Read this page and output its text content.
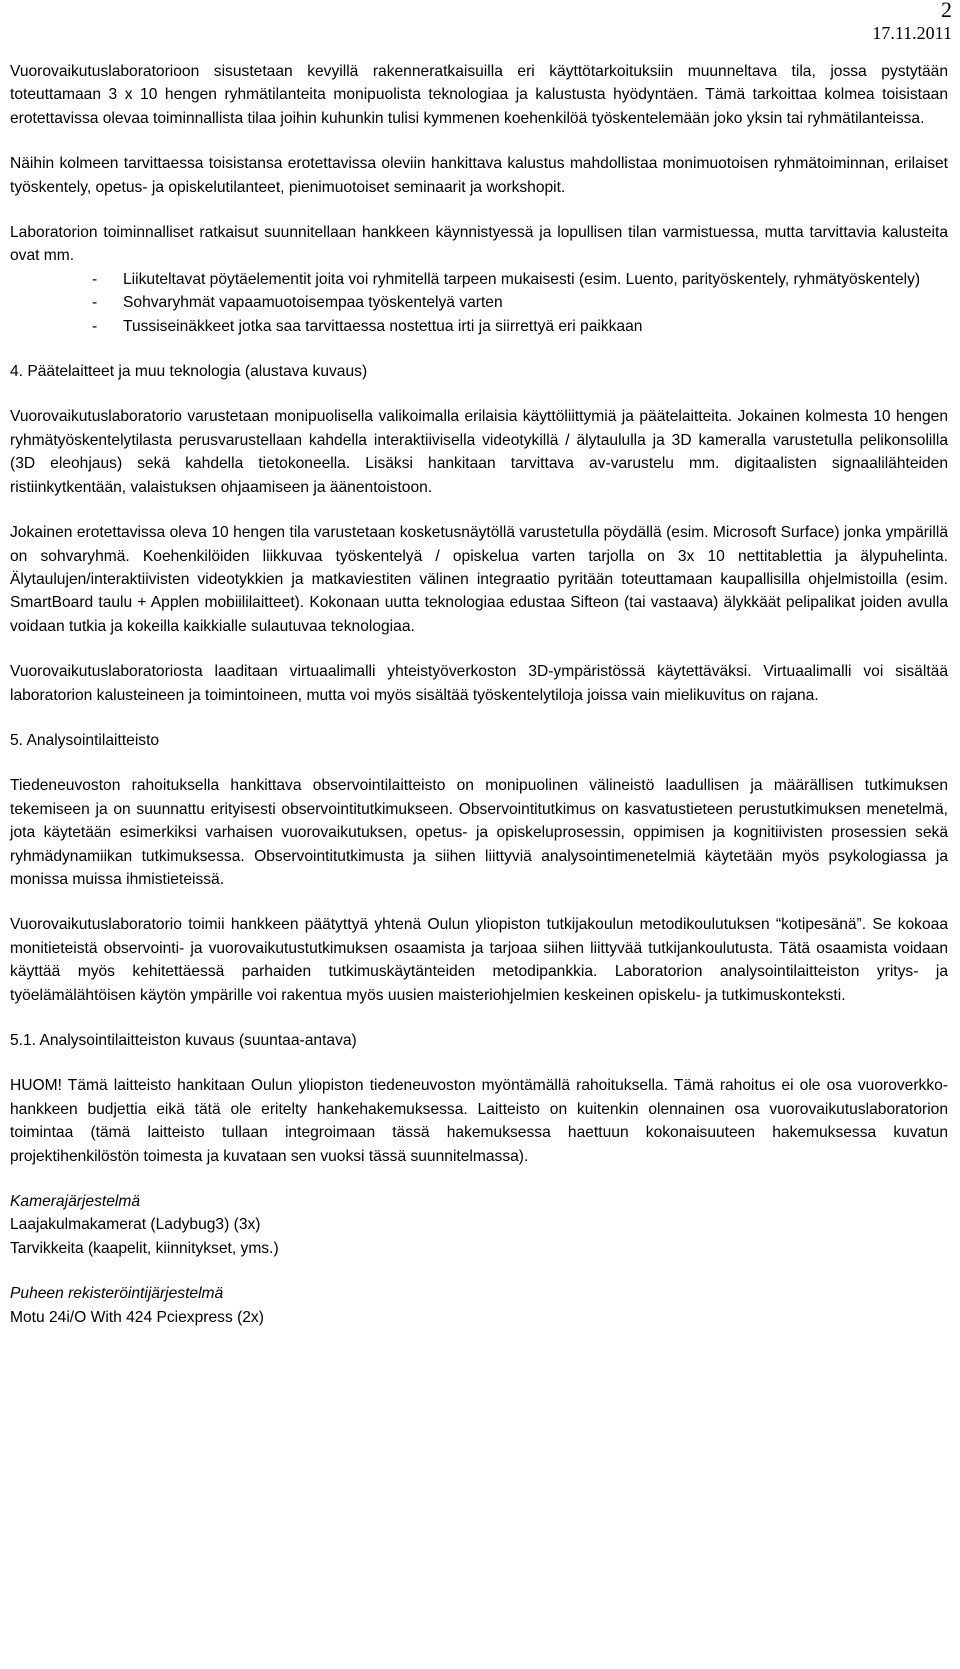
2
17.11.2011

Vuorovaikutuslaboratorioon sisustetaan kevyillä rakenneratkaisuilla eri käyttötarkoituksiin muunneltava tila, jossa pystytään toteuttamaan 3 x 10 hengen ryhmätilanteita monipuolista teknologiaa ja kalustusta hyödyntäen. Tämä tarkoittaa kolmea toisistaan erotettavissa olevaa toiminnallista tilaa joihin kuhunkin tulisi kymmenen koehenkilöä työskentelemään joko yksin tai ryhmätilanteissa.

Näihin kolmeen tarvittaessa toisistansa erotettavissa oleviin hankittava kalustus mahdollistaa monimuotoisen ryhmätoiminnan, erilaiset työskentely, opetus- ja opiskelutilanteet, pienimuotoiset seminaarit ja workshopit.

Laboratorion toiminnalliset ratkaisut suunnitellaan hankkeen käynnistyessä ja lopullisen tilan varmistuessa, mutta tarvittavia kalusteita ovat mm.

- Liikuteltavat pöytäelementit joita voi ryhmitellä tarpeen mukaisesti (esim. Luento, parityöskentely, ryhmätyöskentely)
- Sohvaryhmät vapaamuotoisempaa työskentelyä varten
- Tussiseinäkkeet jotka saa tarvittaessa nostettua irti ja siirrettyä eri paikkaan

4. Päätelaitteet ja muu teknologia (alustava kuvaus)

Vuorovaikutuslaboratorio varustetaan monipuolisella valikoimalla erilaisia käyttöliittymiä ja päätelaitteita. Jokainen kolmesta 10 hengen ryhmätyöskentelytilasta perusvarustellaan kahdella interaktiivisella videotykillä / älytaululla ja 3D kameralla varustetulla pelikonsolilla (3D eleohjaus) sekä kahdella tietokoneella. Lisäksi hankitaan tarvittava av-varustelu mm. digitaalisten signaalilähteiden ristiinkytkentään, valaistuksen ohjaamiseen ja äänentoistoon.

Jokainen erotettavissa oleva 10 hengen tila varustetaan kosketusnäytöllä varustetulla pöydällä (esim. Microsoft Surface) jonka ympärillä on sohvaryhmä. Koehenkilöiden liikkuvaa työskentelyä / opiskelua varten tarjolla on 3x 10 nettitablettia ja älypuhelinta. Älytaulujen/interaktiivisten videotykkien ja matkaviestiten välinen integraatio pyritään toteuttamaan kaupallisilla ohjelmistoilla (esim. SmartBoard taulu + Applen mobiililaitteet). Kokonaan uutta teknologiaa edustaa Sifteon (tai vastaava) älykkäät pelipalikat joiden avulla voidaan tutkia ja kokeilla kaikkialle sulautuvaa teknologiaa.

Vuorovaikutuslaboratoriosta laaditaan virtuaalimalli yhteistyöverkoston 3D-ympäristössä käytettäväksi. Virtuaalimalli voi sisältää laboratorion kalusteineen ja toimintoineen, mutta voi myös sisältää työskentelytiloja joissa vain mielikuvitus on rajana.

5. Analysointilaitteisto

Tiedeneuvoston rahoituksella hankittava observointilaitteisto on monipuolinen välineistö laadullisen ja määrällisen tutkimuksen tekemiseen ja on suunnattu erityisesti observointitutkimukseen. Observointitutkimus on kasvatustieteen perustutkimuksen menetelmä, jota käytetään esimerkiksi varhaisen vuorovaikutuksen, opetus- ja opiskeluprosessin, oppimisen ja kognitiivisten prosessien sekä ryhmädynamiikan tutkimuksessa. Observointitutkimusta ja siihen liittyviä analysointimenetelmiä käytetään myös psykologiassa ja monissa muissa ihmistieteissä.

Vuorovaikutuslaboratorio toimii hankkeen päätyttyä yhtenä Oulun yliopiston tutkijakoulun metodikoulutuksen “kotipesänä”. Se kokoaa monitieteistä observointi- ja vuorovaikutustutkimuksen osaamista ja tarjoaa siihen liittyvää tutkijankoulutusta. Tätä osaamista voidaan käyttää myös kehitettäessä parhaiden tutkimuskäytänteiden metodipankkia. Laboratorion analysointilaitteiston yritys- ja työelämälähtöisen käytön ympärille voi rakentua myös uusien maisteriohjelmien keskeinen opiskelu- ja tutkimuskonteksti.

5.1. Analysointilaitteiston kuvaus (suuntaa-antava)

HUOM! Tämä laitteisto hankitaan Oulun yliopiston tiedeneuvoston myöntämällä rahoituksella. Tämä rahoitus ei ole osa vuoroverkko-hankkeen budjettia eikä tätä ole eritelty hankehakemuksessa. Laitteisto on kuitenkin olennainen osa vuorovaikutuslaboratorion toimintaa (tämä laitteisto tullaan integroimaan tässä hakemuksessa haettuun kokonaisuuteen hakemuksessa kuvatun projektihenkilöstön toimesta ja kuvataan sen vuoksi tässä suunnitelmassa).

Kamerajärjestelmä

Laajakulmakamerat (Ladybug3) (3x)

Tarvikkeita (kaapelit, kiinnitykset, yms.)

Puheen rekisteröintijärjestelmä

Motu 24i/O With 424 Pciexpress (2x)
